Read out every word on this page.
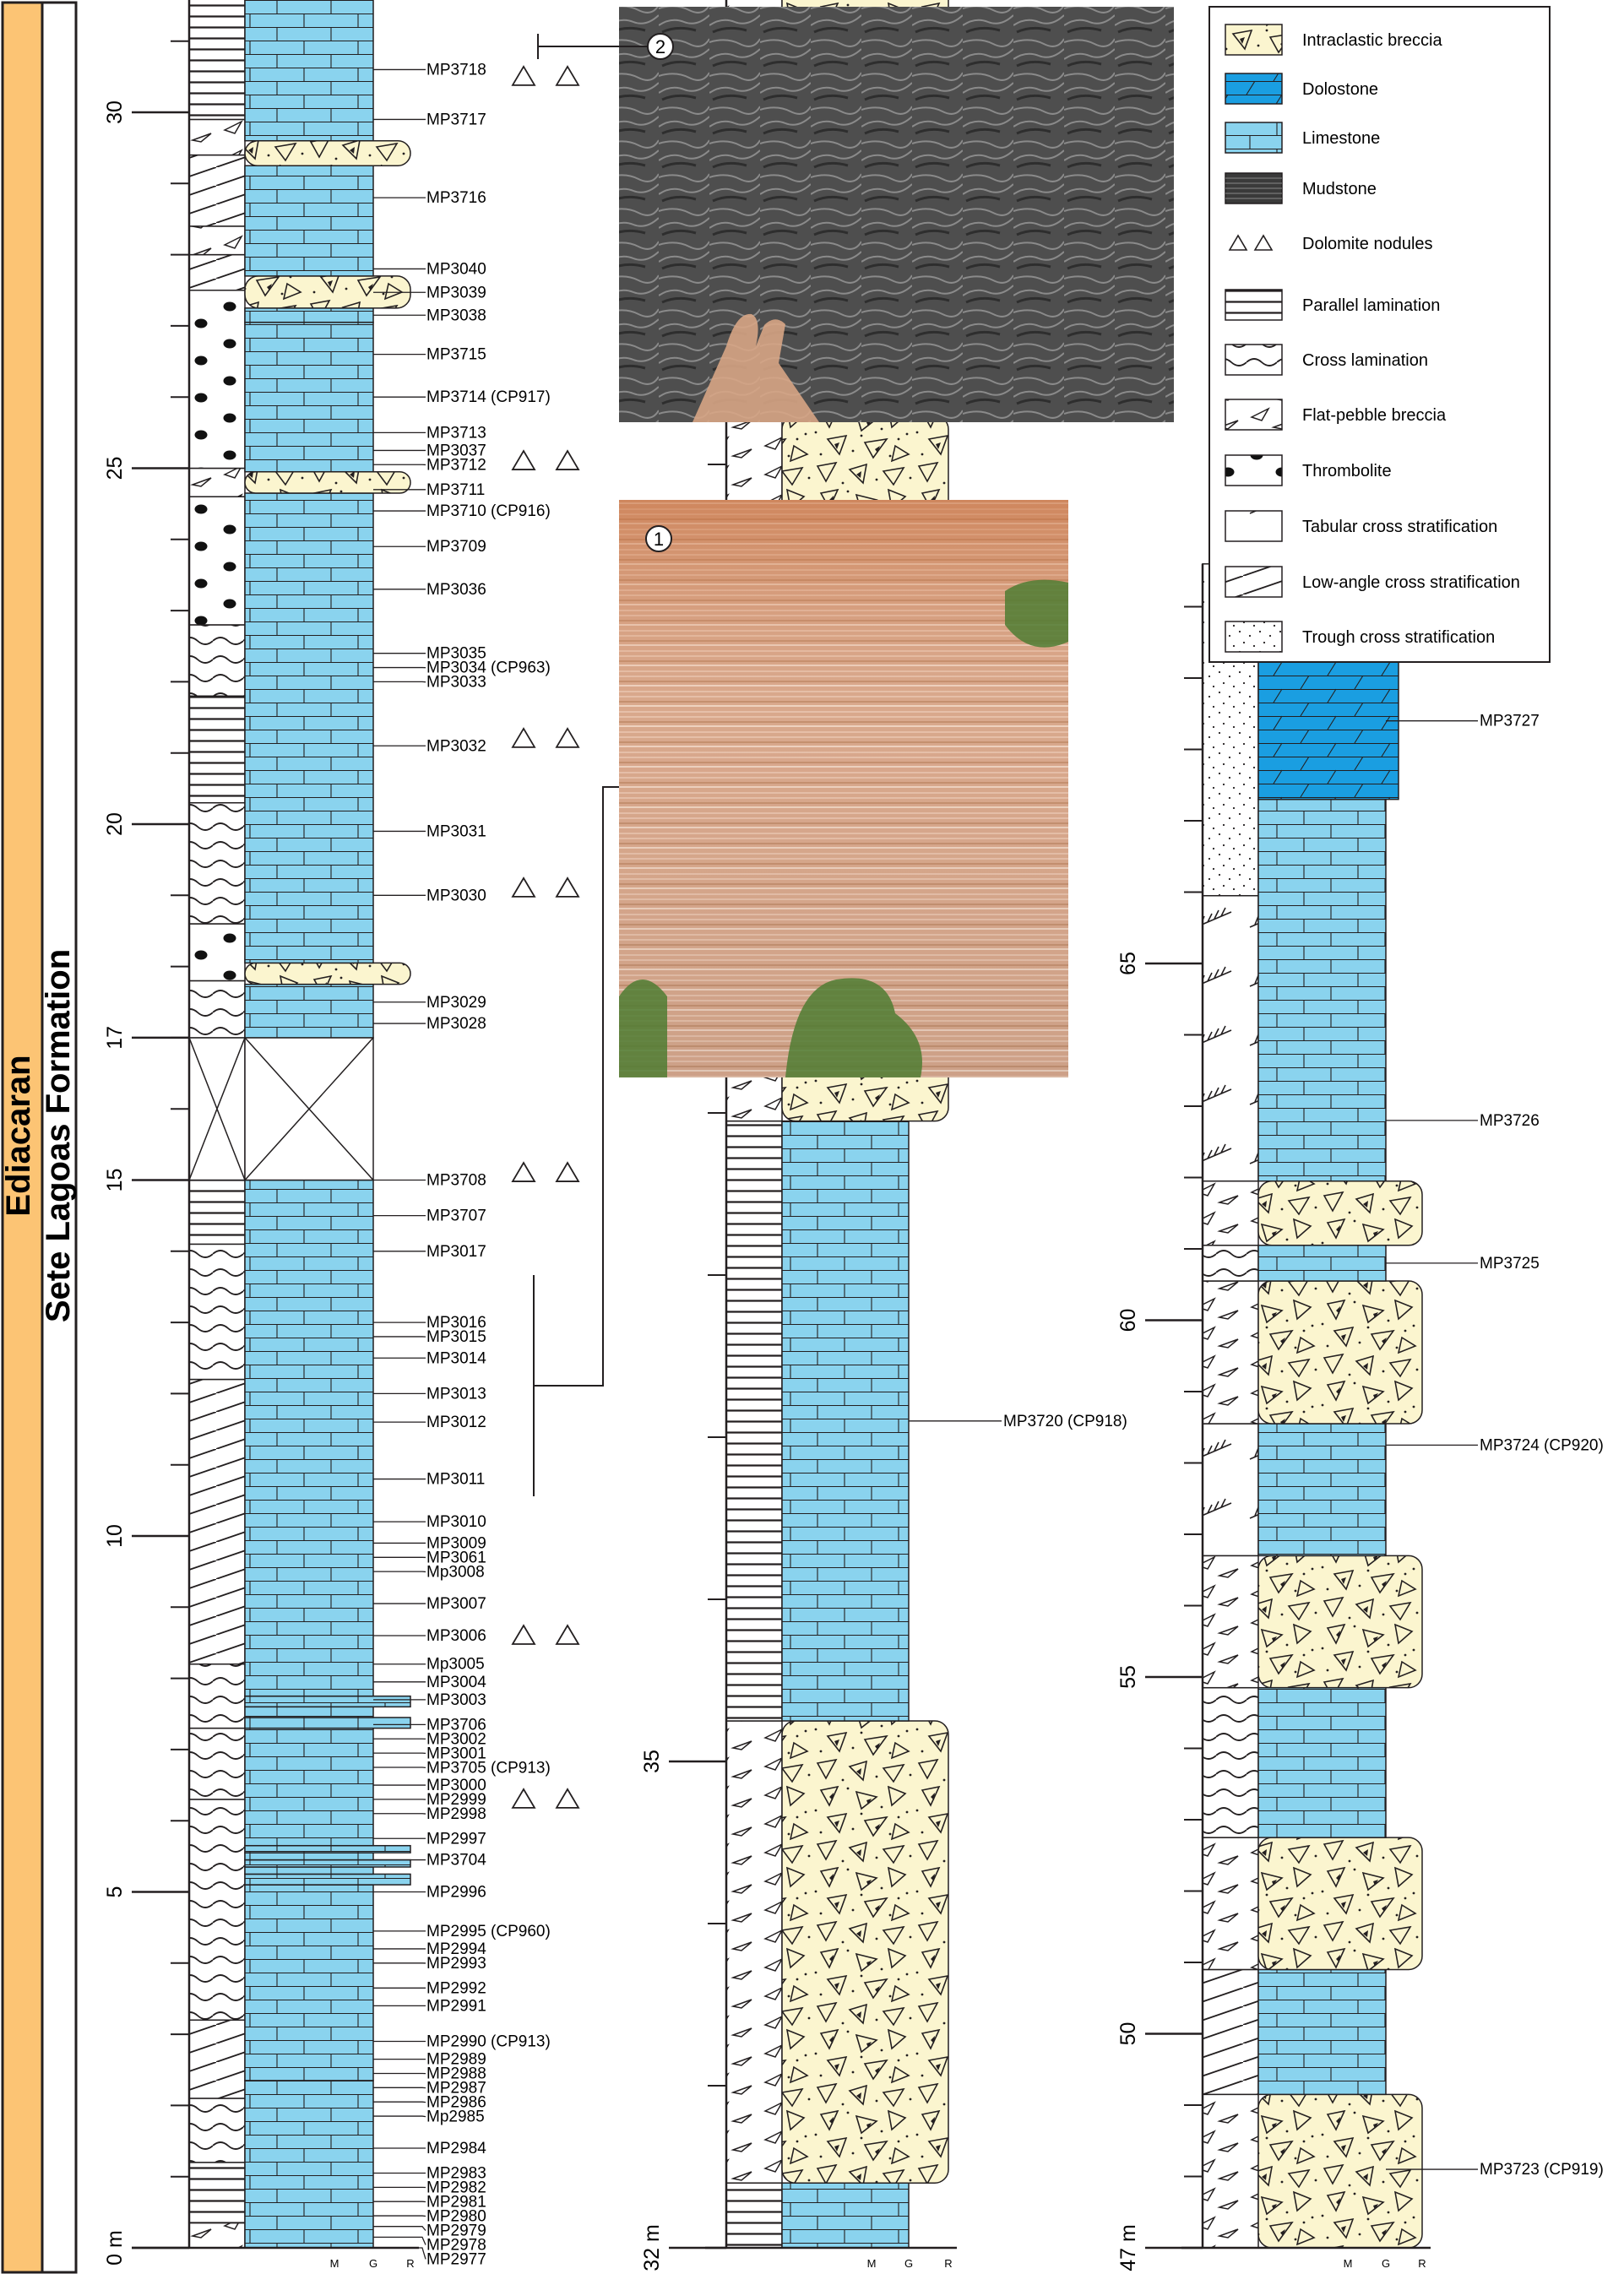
Ediacaran Sete Lagoas Formation
0 m
5
10
15
17
20
25
30
MP3718
MP3717
MP3716
MP3040
MP3039
MP3038
MP3715
MP3714 (CP917)
MP3713
MP3037
MP3712
MP3711
MP3710 (CP916)
MP3709
MP3036
MP3035
MP3034 (CP963)
MP3033
MP3032
MP3031
MP3030
MP3029
MP3028
MP3708
MP3707
MP3017
MP3016
MP3015
MP3014
MP3013
MP3012
MP3011
MP3010
MP3009
MP3061
Mp3008
MP3007
MP3006
Mp3005
MP3004
MP3003
MP3706
MP3002
MP3001
MP3705 (CP913)
MP3000
MP2999
MP2998
MP2997
MP3704
MP2996
MP2995 (CP960)
MP2994
MP2993
MP2992
MP2991
MP2990 (CP913)
MP2989
MP2988
MP2987
MP2986
Mp2985
MP2984
MP2983
MP2982
MP2981
MP2980
MP2979
MP2978
MP2977
M	G	R	32 m
35
MP3720 (CP918)
M	G	R	47 m
50
55
60
65
MP3727
MP3726
MP3725
MP3724 (CP920)
MP3723 (CP919)
M	G	R
2
1
Intraclastic breccia
Dolostone
Limestone
Mudstone
Dolomite nodules
Parallel lamination
Cross lamination
Flat-pebble breccia
Thrombolite
Tabular cross stratification
Low-angle cross stratification
Trough cross stratification
